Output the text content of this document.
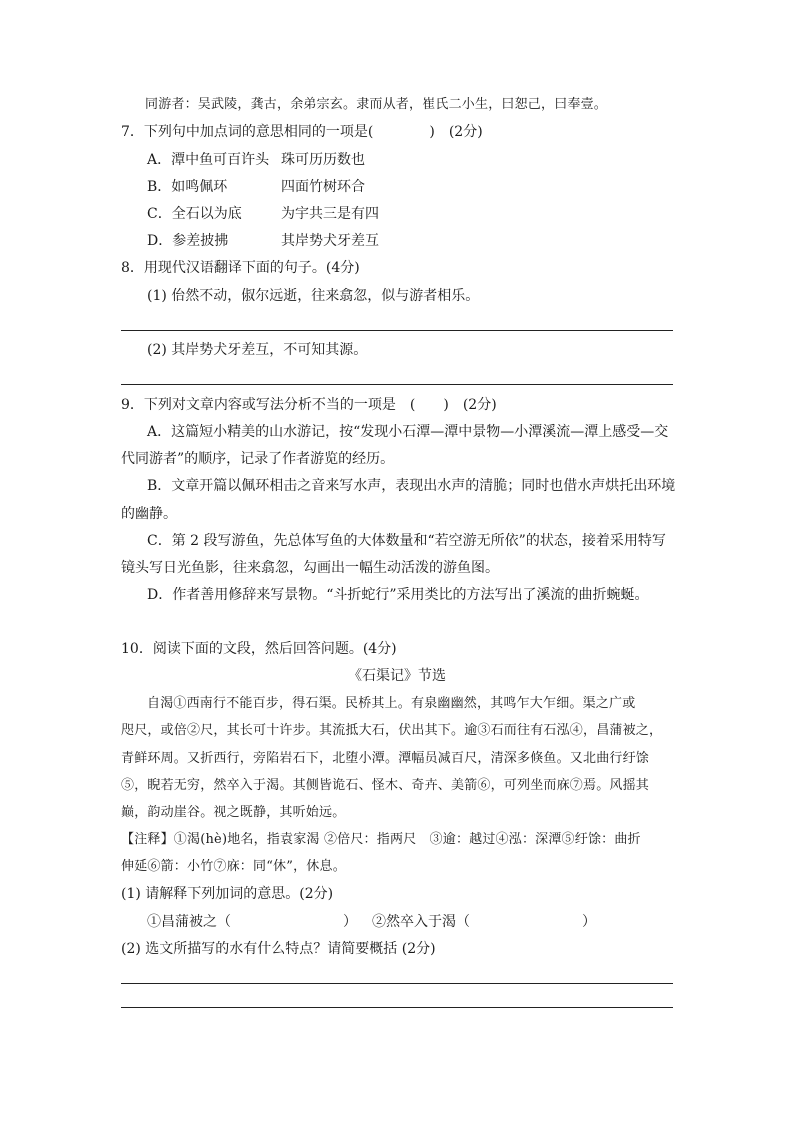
同游者：吴武陵，龚古，余弟宗玄。隶而从者，崔氏二小生，曰恕己，曰奉壹。
7．下列句中加点词的意思相同的一项是(　　　　)　(2分)
A．潭中鱼可百许头 珠可历历数也
B．如鸣佩环	四面竹树环合
C．全石以为底	为宇共三是有四
D．参差披拂	其岸势犬牙差互
8．用现代汉语翻译下面的句子。(4分)
(1) 佁然不动，俶尔远逝，往来翕忽，似与游者相乐。
(2) 其岸势犬牙差互，不可知其源。
9．下列对文章内容或写法分析不当的一项是　(　　)　(2分)
A．这篇短小精美的山水游记，按“发现小石潭—潭中景物—小潭溪流—潭上感受—交
代同游者”的顺序，记录了作者游览的经历。
B．文章开篇以佩环相击之音来写水声，表现出水声的清脆；同时也借水声烘托出环境
的幽静。
C．第 2 段写游鱼，先总体写鱼的大体数量和“若空游无所依”的状态，接着采用特写
镜头写日光鱼影，往来翕忽，勾画出一幅生动活泼的游鱼图。
D．作者善用修辞来写景物。“斗折蛇行”采用类比的方法写出了溪流的曲折蜿蜒。
10．阅读下面的文段，然后回答问题。(4分)
《石渠记》节选
自渴①西南行不能百步，得石渠。民桥其上。有泉幽幽然，其鸣乍大乍细。渠之广或
咫尺，或倍②尺，其长可十许步。其流抵大石，伏出其下。逾③石而往有石泓④，昌蒲被之，
青鲜环周。又折西行，旁陷岩石下，北堕小潭。潭幅员减百尺，清深多倏鱼。又北曲行纡馀
⑤，睨若无穷，然卒入于渴。其侧皆诡石、怪木、奇卉、美箭⑥，可列坐而庥⑦焉。风摇其
巅，韵动崖谷。视之既静，其听始远。
【注释】①渴(hè)地名，指袁家渴 ②倍尺：指两尺　③逾：越过④泓：深潭⑤纡馀：曲折
伸延⑥箭：小竹⑦庥：同“休”，休息。
(1) 请解释下列加词的意思。(2分)
①昌蒲被之（　　　　　　　　） ②然卒入于渴（　　　　　　　　）
(2) 选文所描写的水有什么特点？请简要概括 (2分)
